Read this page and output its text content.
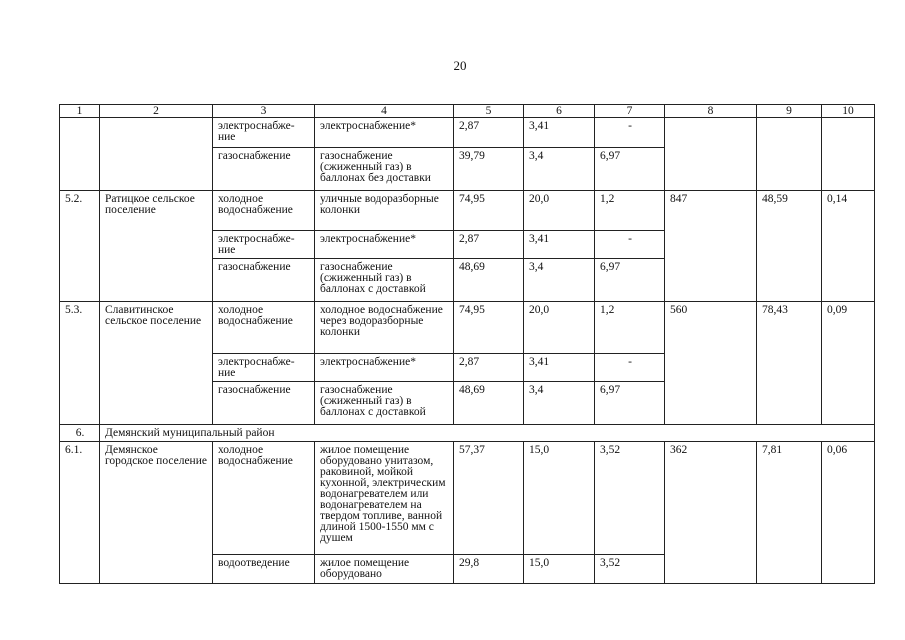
20
1	2	3	4	5	6	7	8	9	10
		электроснабже-ние	электроснабжение*	2,87	3,41	-			
		газоснабжение	газоснабжение (сжиженный газ) в баллонах без доставки	39,79	3,4	6,97			
5.2.	Ратицкое сельское поселение	холодное водоснабжение	уличные водоразборные колонки	74,95	20,0	1,2	847	48,59	0,14
		электроснабже-ние	электроснабжение*	2,87	3,41	-			
		газоснабжение	газоснабжение (сжиженный газ) в баллонах с доставкой	48,69	3,4	6,97			
5.3.	Славитинское сельское поселение	холодное водоснабжение	холодное водоснабжение через водоразборные колонки	74,95	20,0	1,2	560	78,43	0,09
		электроснабже-ние	электроснабжение*	2,87	3,41	-			
		газоснабжение	газоснабжение (сжиженный газ) в баллонах с доставкой	48,69	3,4	6,97			
6.	Демянский муниципальный район								
6.1.	Демянское городское поселение	холодное водоснабжение	жилое помещение оборудовано унитазом, раковиной, мойкой кухонной, электрическим водонагревателем или водонагревателем на твердом топливе, ванной длиной 1500-1550 мм с душем	57,37	15,0	3,52	362	7,81	0,06
		водоотведение	жилое помещение оборудовано	29,8	15,0	3,52			
